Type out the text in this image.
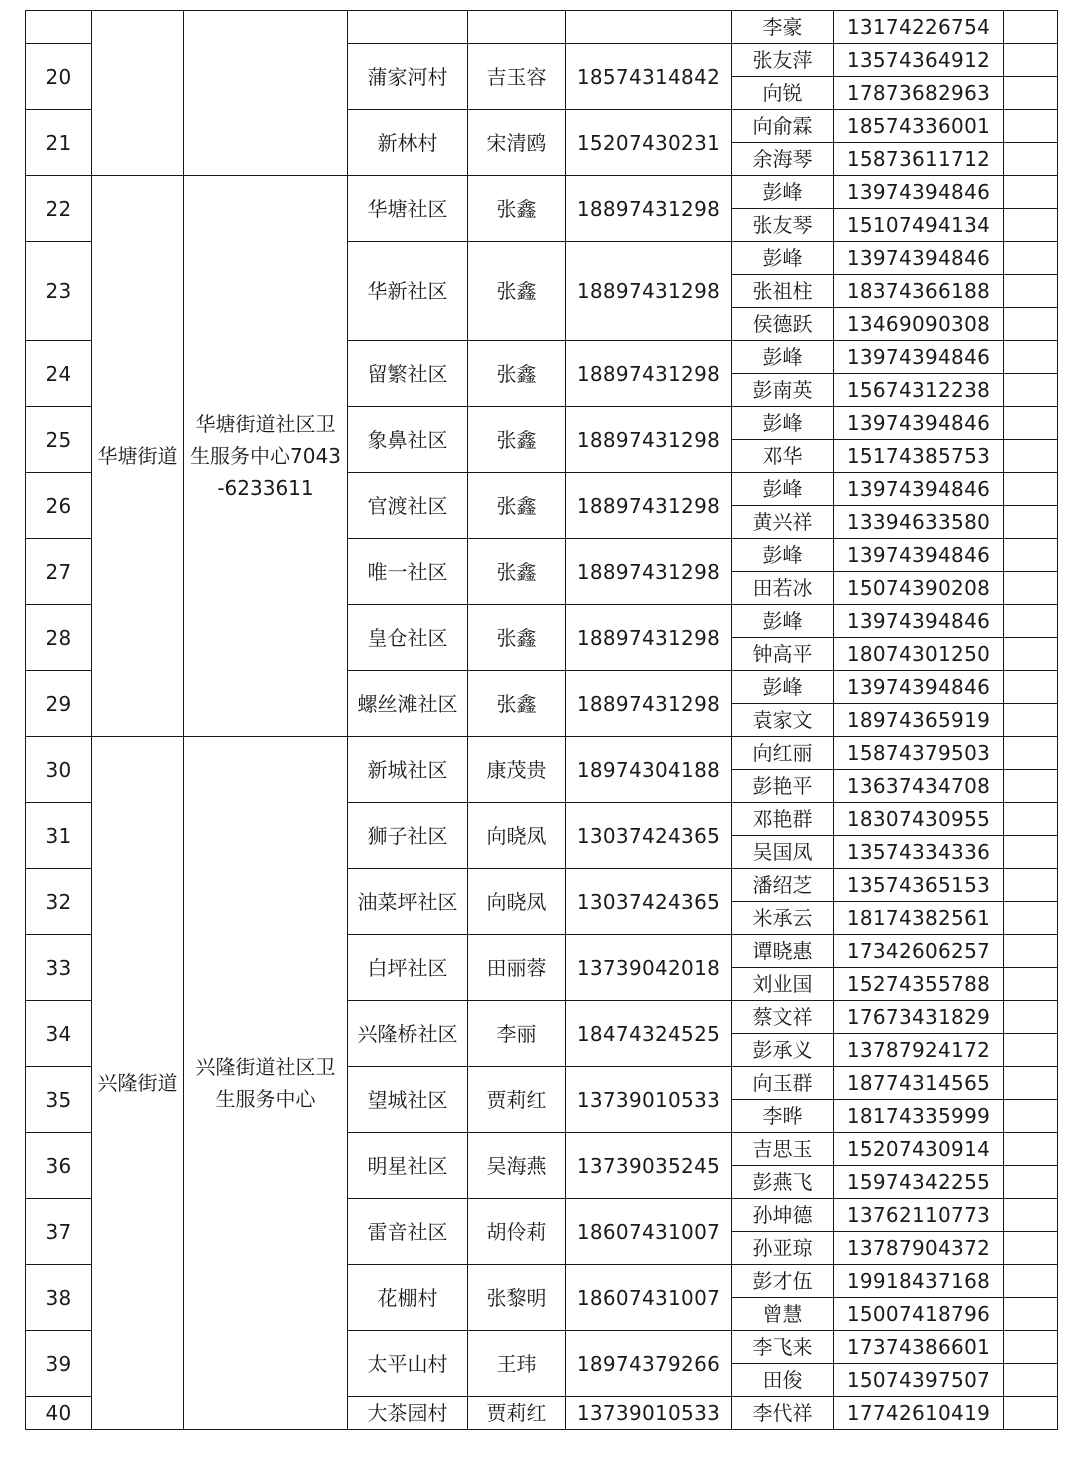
						李豪	13174226754	
20			蒲家河村	吉玉容	18574314842	张友萍	13574364912	
						向锐	17873682963	
21			新林村	宋清鸥	15207430231	向俞霖	18574336001	
						余海琴	15873611712	
22	华塘街道	华塘街道社区卫生服务中心7043-6233611	华塘社区	张鑫	18897431298	彭峰	13974394846	
						张友琴	15107494134	
23			华新社区	张鑫	18897431298	彭峰	13974394846	
						张祖柱	18374366188	
						侯德跃	13469090308	
24			留繁社区	张鑫	18897431298	彭峰	13974394846	
						彭南英	15674312238	
25			象鼻社区	张鑫	18897431298	彭峰	13974394846	
						邓华	15174385753	
26			官渡社区	张鑫	18897431298	彭峰	13974394846	
						黄兴祥	13394633580	
27			唯一社区	张鑫	18897431298	彭峰	13974394846	
						田若冰	15074390208	
28			皇仓社区	张鑫	18897431298	彭峰	13974394846	
						钟高平	18074301250	
29			螺丝滩社区	张鑫	18897431298	彭峰	13974394846	
						袁家文	18974365919	
30	兴隆街道	兴隆街道社区卫生服务中心	新城社区	康茂贵	18974304188	向红丽	15874379503	
						彭艳平	13637434708	
31			狮子社区	向晓凤	13037424365	邓艳群	18307430955	
						吴国凤	13574334336	
32			油菜坪社区	向晓凤	13037424365	潘绍芝	13574365153	
						米承云	18174382561	
33			白坪社区	田丽蓉	13739042018	谭晓惠	17342606257	
						刘业国	15274355788	
34			兴隆桥社区	李丽	18474324525	蔡文祥	17673431829	
						彭承义	13787924172	
35			望城社区	贾莉红	13739010533	向玉群	18774314565	
						李晔	18174335999	
36			明星社区	吴海燕	13739035245	吉思玉	15207430914	
						彭燕飞	15974342255	
37			雷音社区	胡伶莉	18607431007	孙坤德	13762110773	
						孙亚琼	13787904372	
38			花棚村	张黎明	18607431007	彭才伍	19918437168	
						曾慧	15007418796	
39			太平山村	王玮	18974379266	李飞来	17374386601	
						田俊	15074397507	
40			大茶园村	贾莉红	13739010533	李代祥	17742610419	
